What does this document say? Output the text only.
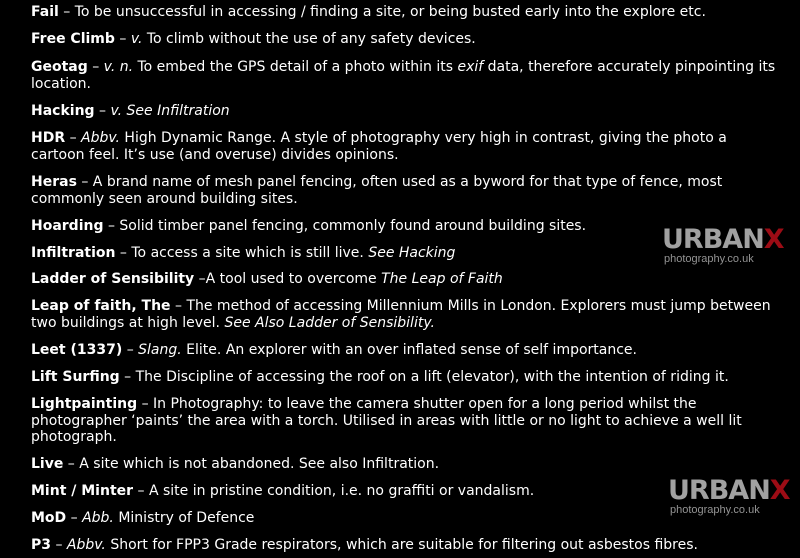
Fail – To be unsuccessful in accessing / finding a site, or being busted early into the explore etc.

Free Climb – v. To climb without the use of any safety devices.

Geotag – v. n. To embed the GPS detail of a photo within its exif data, therefore accurately pinpointing its location.

Hacking – v. See Infiltration

HDR – Abbv. High Dynamic Range. A style of photography very high in contrast, giving the photo a cartoon feel. It’s use (and overuse) divides opinions.

Heras – A brand name of mesh panel fencing, often used as a byword for that type of fence, most commonly seen around building sites.

Hoarding – Solid timber panel fencing, commonly found around building sites.

Infiltration – To access a site which is still live. See Hacking

Ladder of Sensibility –A tool used to overcome The Leap of Faith

Leap of faith, The – The method of accessing Millennium Mills in London. Explorers must jump between two buildings at high level. See Also Ladder of Sensibility.

Leet (1337) – Slang. Elite. An explorer with an over inflated sense of self importance.

Lift Surfing – The Discipline of accessing the roof on a lift (elevator), with the intention of riding it.

Lightpainting – In Photography: to leave the camera shutter open for a long period whilst the photographer ‘paints’ the area with a torch. Utilised in areas with little or no light to achieve a well lit photograph.

Live – A site which is not abandoned. See also Infiltration.

Mint / Minter – A site in pristine condition, i.e. no graffiti or vandalism.

MoD – Abb. Ministry of Defence

P3 – Abbv. Short for FPP3 Grade respirators, which are suitable for filtering out asbestos fibres.

URBANX
photography.co.uk
URBANX
photography.co.uk
